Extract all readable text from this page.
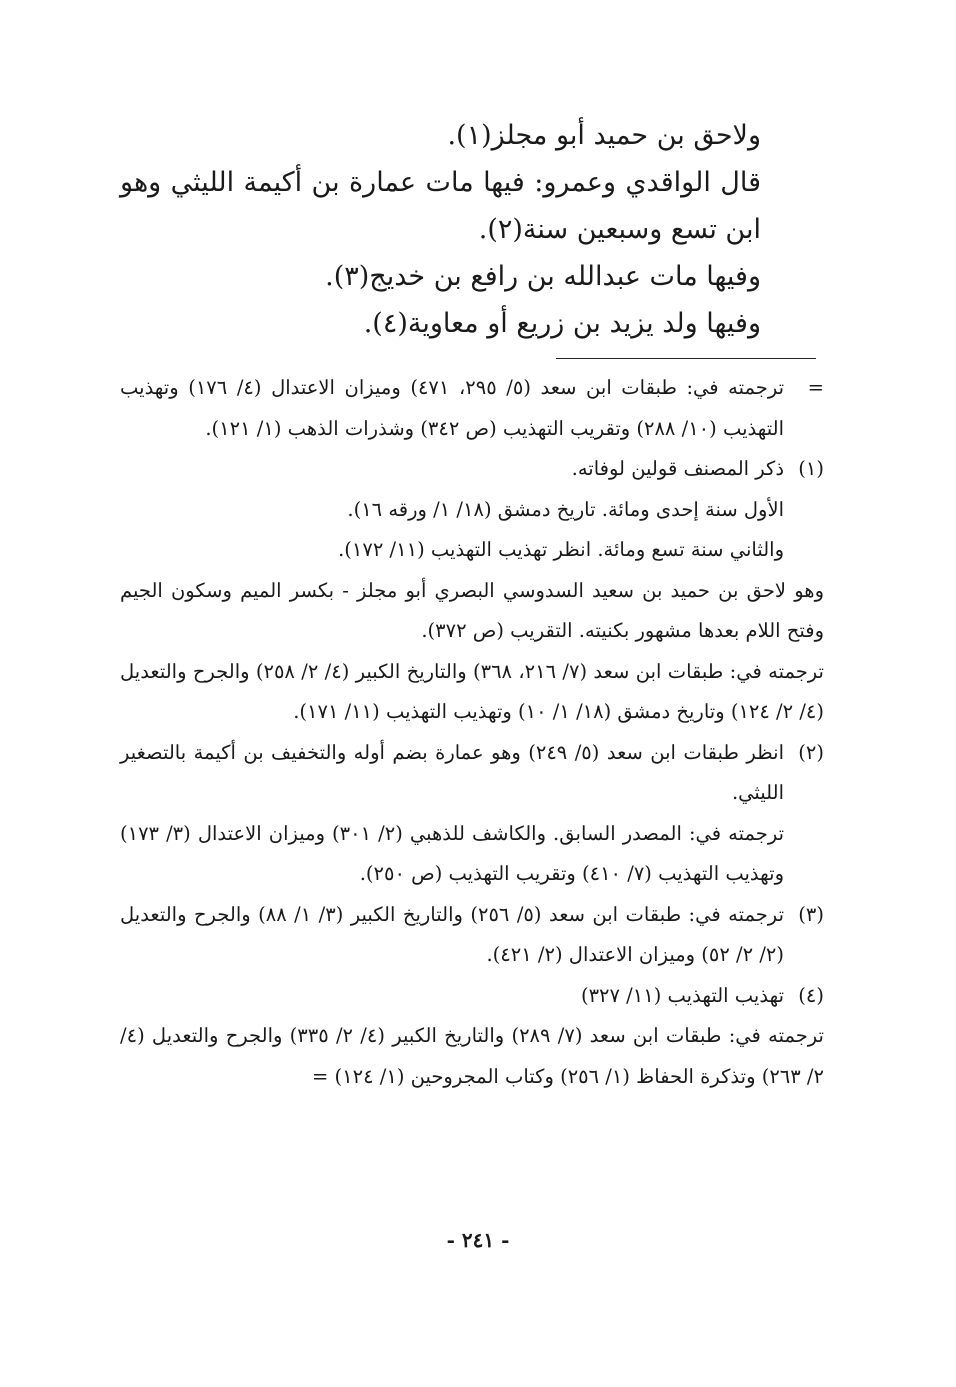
ولاحق بن حميد أبو مجلز(١).

قال الواقدي وعمرو: فيها مات عمارة بن أكيمة الليثي وهو ابن تسع وسبعين سنة(٢).

وفيها مات عبدالله بن رافع بن خديج(٣).

وفيها ولد يزيد بن زريع أو معاوية(٤).

=
ترجمته في: طبقات ابن سعد (٥/ ٢٩٥، ٤٧١) وميزان الاعتدال (٤/ ١٧٦) وتهذيب التهذيب (١٠/ ٢٨٨) وتقريب التهذيب (ص ٣٤٢) وشذرات الذهب (١/ ١٢١).

(١)
ذكر المصنف قولين لوفاته.

الأول سنة إحدى ومائة. تاريخ دمشق (١٨/ ١/ ورقه ١٦).

والثاني سنة تسع ومائة. انظر تهذيب التهذيب (١١/ ١٧٢).

وهو لاحق بن حميد بن سعيد السدوسي البصري أبو مجلز - بكسر الميم وسكون الجيم وفتح اللام بعدها مشهور بكنيته. التقريب (ص ٣٧٢).

ترجمته في: طبقات ابن سعد (٧/ ٢١٦، ٣٦٨) والتاريخ الكبير (٤/ ٢/ ٢٥٨) والجرح والتعديل (٤/ ٢/ ١٢٤) وتاريخ دمشق (١٨/ ١/ ١٠) وتهذيب التهذيب (١١/ ١٧١).

(٢)
انظر طبقات ابن سعد (٥/ ٢٤٩) وهو عمارة بضم أوله والتخفيف بن أكيمة بالتصغير الليثي.

ترجمته في: المصدر السابق. والكاشف للذهبي (٢/ ٣٠١) وميزان الاعتدال (٣/ ١٧٣) وتهذيب التهذيب (٧/ ٤١٠) وتقريب التهذيب (ص ٢٥٠).

(٣)
ترجمته في: طبقات ابن سعد (٥/ ٢٥٦) والتاريخ الكبير (٣/ ١/ ٨٨) والجرح والتعديل (٢/ ٢/ ٥٢) وميزان الاعتدال (٢/ ٤٢١).

(٤)
تهذيب التهذيب (١١/ ٣٢٧)

ترجمته في: طبقات ابن سعد (٧/ ٢٨٩) والتاريخ الكبير (٤/ ٢/ ٣٣٥) والجرح والتعديل (٤/ ٢/ ٢٦٣) وتذكرة الحفاظ (١/ ٢٥٦) وكتاب المجروحين (١/ ١٢٤) =

- ٢٤١ -
